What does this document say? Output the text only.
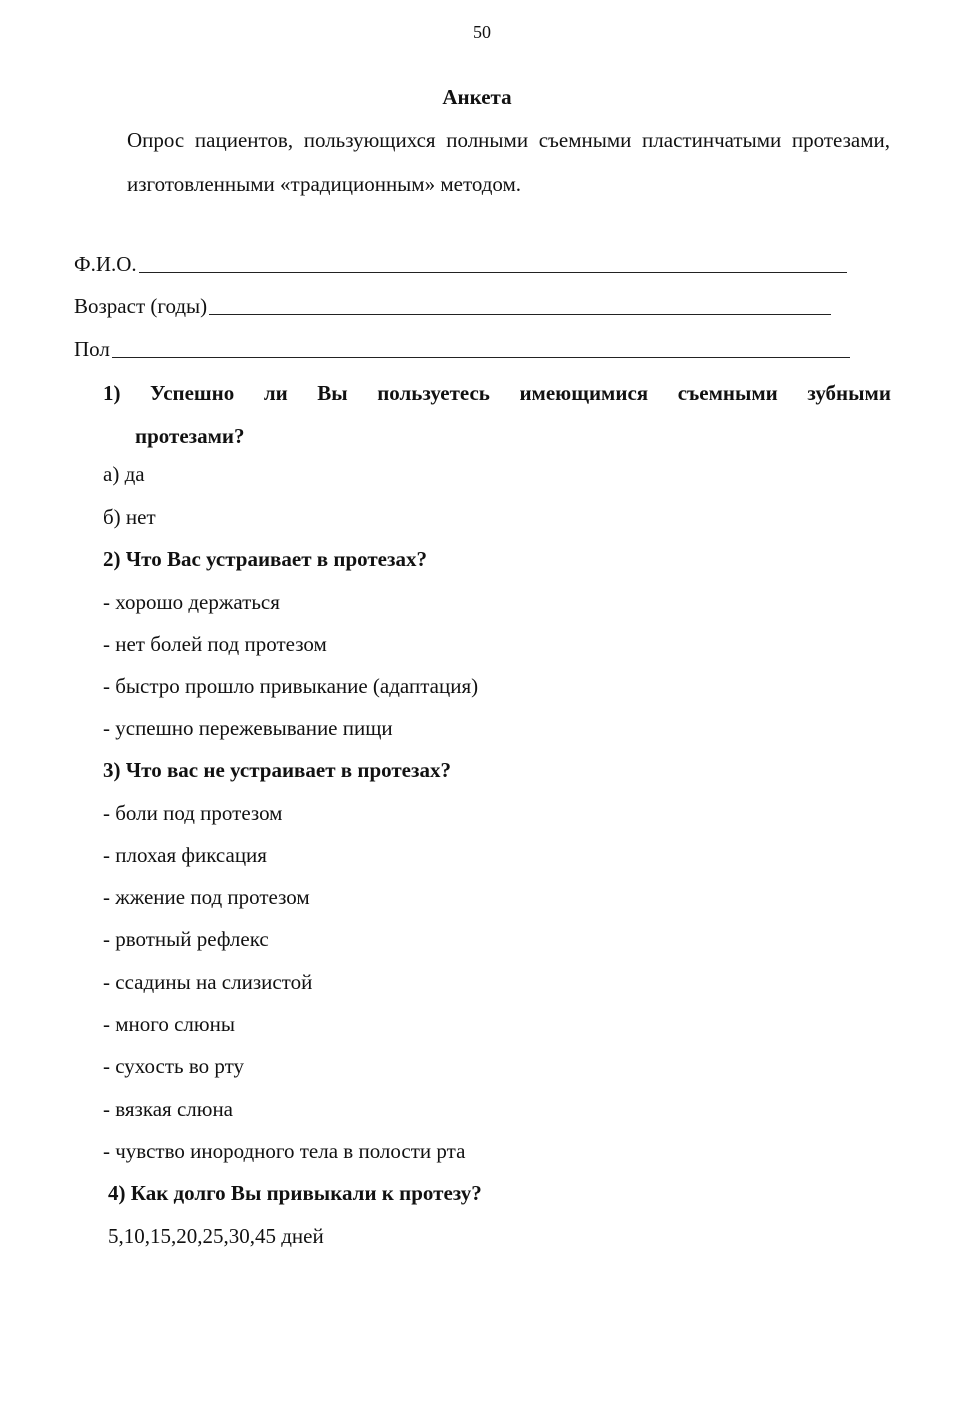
50
Анкета
Опрос пациентов, пользующихся полными съемными пластинчатыми протезами, изготовленными «традиционным» методом.
Ф.И.О.
Возраст (годы)
Пол
1) Успешно ли Вы пользуетесь имеющимися съемными зубными
протезами?
а) да
б) нет
2) Что Вас устраивает в протезах?
- хорошо держаться
- нет болей под протезом
- быстро прошло привыкание (адаптация)
- успешно пережевывание пищи
3) Что вас не устраивает в протезах?
- боли под протезом
- плохая фиксация
- жжение под протезом
- рвотный рефлекс
- ссадины на слизистой
- много слюны
- сухость во рту
- вязкая слюна
- чувство инородного тела в полости рта
4) Как долго Вы привыкали к протезу?
5,10,15,20,25,30,45 дней
